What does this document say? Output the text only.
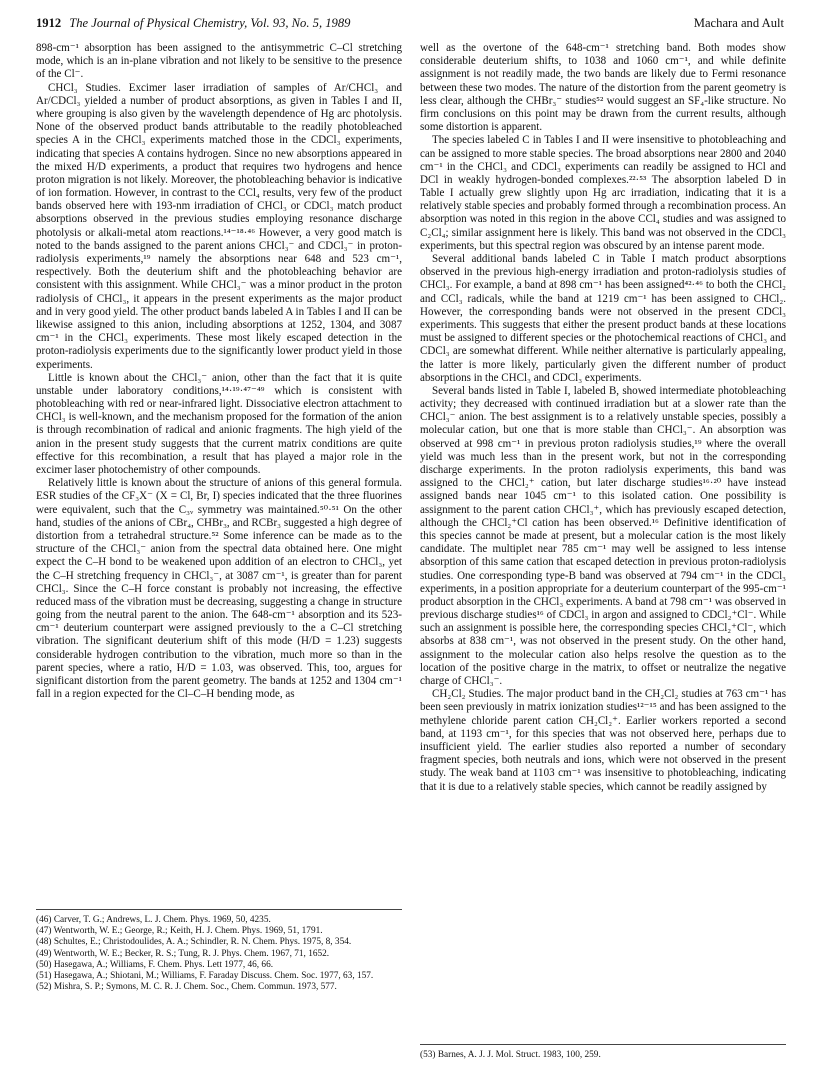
1912 The Journal of Physical Chemistry, Vol. 93, No. 5, 1989	Machara and Ault

898-cm⁻¹ absorption has been assigned to the antisymmetric C–Cl stretching mode, which is an in-plane vibration and not likely to be sensitive to the presence of the Cl⁻.

CHCl₃ Studies. Excimer laser irradiation of samples of Ar/CHCl₃ and Ar/CDCl₃ yielded a number of product absorptions, as given in Tables I and II, where grouping is also given by the wavelength dependence of Hg arc photolysis. None of the observed product bands attributable to the readily photobleached species A in the CHCl₃ experiments matched those in the CDCl₃ experiments, indicating that species A contains hydrogen. Since no new absorptions appeared in the mixed H/D experiments, a product that requires two hydrogens and hence proton migration is not likely. Moreover, the photobleaching behavior is indicative of ion formation. However, in contrast to the CCl₄ results, very few of the product bands observed here with 193-nm irradiation of CHCl₃ or CDCl₃ match product absorptions observed in the previous studies employing resonance discharge photolysis or alkali-metal atom reactions.¹⁴⁻¹⁸·⁴⁶ However, a very good match is noted to the bands assigned to the parent anions CHCl₃⁻ and CDCl₃⁻ in proton-radiolysis experiments,¹⁹ namely the absorptions near 648 and 523 cm⁻¹, respectively. Both the deuterium shift and the photobleaching behavior are consistent with this assignment. While CHCl₃⁻ was a minor product in the proton radiolysis of CHCl₃, it appears in the present experiments as the major product and in very good yield. The other product bands labeled A in Tables I and II can be likewise assigned to this anion, including absorptions at 1252, 1304, and 3087 cm⁻¹ in the CHCl₃ experiments. These most likely escaped detection in the proton-radiolysis experiments due to the significantly lower product yield in those experiments.

Little is known about the CHCl₃⁻ anion, other than the fact that it is quite unstable under laboratory conditions,¹⁴·¹⁹·⁴⁷⁻⁴⁹ which is consistent with photobleaching with red or near-infrared light. Dissociative electron attachment to CHCl₃ is well-known, and the mechanism proposed for the formation of the anion is through recombination of radical and anionic fragments. The high yield of the anion in the present study suggests that the current matrix conditions are quite effective for this recombination, a result that has played a major role in the excimer laser photochemistry of other compounds.

Relatively little is known about the structure of anions of this general formula. ESR studies of the CF₃X⁻ (X = Cl, Br, I) species indicated that the three fluorines were equivalent, such that the C₃ᵥ symmetry was maintained.⁵⁰·⁵¹ On the other hand, studies of the anions of CBr₄, CHBr₃, and RCBr₃ suggested a high degree of distortion from a tetrahedral structure.⁵² Some inference can be made as to the structure of the CHCl₃⁻ anion from the spectral data obtained here. One might expect the C–H bond to be weakened upon addition of an electron to CHCl₃, yet the C–H stretching frequency in CHCl₃⁻, at 3087 cm⁻¹, is greater than for parent CHCl₃. Since the C–H force constant is probably not increasing, the effective reduced mass of the vibration must be decreasing, suggesting a change in structure going from the neutral parent to the anion. The 648-cm⁻¹ absorption and its 523-cm⁻¹ deuterium counterpart were assigned previously to the a C–Cl stretching vibration. The significant deuterium shift of this mode (H/D = 1.23) suggests considerable hydrogen contribution to the vibration, much more so than in the parent species, where a ratio, H/D = 1.03, was observed. This, too, argues for significant distortion from the parent geometry. The bands at 1252 and 1304 cm⁻¹ fall in a region expected for the Cl–C–H bending mode, as

(46) Carver, T. G.; Andrews, L. J. Chem. Phys. 1969, 50, 4235.

(47) Wentworth, W. E.; George, R.; Keith, H. J. Chem. Phys. 1969, 51, 1791.

(48) Schultes, E.; Christodoulides, A. A.; Schindler, R. N. Chem. Phys. 1975, 8, 354.

(49) Wentworth, W. E.; Becker, R. S.; Tung, R. J. Phys. Chem. 1967, 71, 1652.

(50) Hasegawa, A.; Williams, F. Chem. Phys. Lett 1977, 46, 66.

(51) Hasegawa, A.; Shiotani, M.; Williams, F. Faraday Discuss. Chem. Soc. 1977, 63, 157.

(52) Mishra, S. P.; Symons, M. C. R. J. Chem. Soc., Chem. Commun. 1973, 577.

well as the overtone of the 648-cm⁻¹ stretching band. Both modes show considerable deuterium shifts, to 1038 and 1060 cm⁻¹, and while definite assignment is not readily made, the two bands are likely due to Fermi resonance between these two modes. The nature of the distortion from the parent geometry is less clear, although the CHBr₃⁻ studies⁵² would suggest an SF₄-like structure. No firm conclusions on this point may be drawn from the current results, although some distortion is apparent.

The species labeled C in Tables I and II were insensitive to photobleaching and can be assigned to more stable species. The broad absorptions near 2800 and 2040 cm⁻¹ in the CHCl₃ and CDCl₃ experiments can readily be assigned to HCl and DCl in weakly hydrogen-bonded complexes.²²·⁵³ The absorption labeled D in Table I actually grew slightly upon Hg arc irradiation, indicating that it is a relatively stable species and probably formed through a recombination process. An absorption was noted in this region in the above CCl₄ studies and was assigned to C₂Cl₄; similar assignment here is likely. This band was not observed in the CDCl₃ experiments, but this spectral region was obscured by an intense parent mode.

Several additional bands labeled C in Table I match product absorptions observed in the previous high-energy irradiation and proton-radiolysis studies of CHCl₃. For example, a band at 898 cm⁻¹ has been assigned⁴²·⁴⁶ to both the CHCl₂ and CCl₃ radicals, while the band at 1219 cm⁻¹ has been assigned to CHCl₂. However, the corresponding bands were not observed in the present CDCl₃ experiments. This suggests that either the present product bands at these locations must be assigned to different species or the photochemical reactions of CHCl₃ and CDCl₃ are somewhat different. While neither alternative is particularly appealing, the latter is more likely, particularly given the different number of product absorptions in the CHCl₃ and CDCl₃ experiments.

Several bands listed in Table I, labeled B, showed intermediate photobleaching activity; they decreased with continued irradiation but at a slower rate than the CHCl₃⁻ anion. The best assignment is to a relatively unstable species, possibly a molecular cation, but one that is more stable than CHCl₃⁻. An absorption was observed at 998 cm⁻¹ in previous proton radiolysis studies,¹⁹ where the overall yield was much less than in the present work, but not in the corresponding discharge experiments. In the proton radiolysis experiments, this band was assigned to the CHCl₂⁺ cation, but later discharge studies¹⁶·²⁰ have instead assigned bands near 1045 cm⁻¹ to this isolated cation. One possibility is assignment to the parent cation CHCl₃⁺, which has previously escaped detection, although the CHCl₂⁺Cl cation has been observed.¹⁶ Definitive identification of this species cannot be made at present, but a molecular cation is the most likely candidate. The multiplet near 785 cm⁻¹ may well be assigned to less intense absorption of this same cation that escaped detection in previous proton-radiolysis studies. One corresponding type-B band was observed at 794 cm⁻¹ in the CDCl₃ experiments, in a position appropriate for a deuterium counterpart of the 995-cm⁻¹ product absorption in the CHCl₃ experiments. A band at 798 cm⁻¹ was observed in previous discharge studies¹⁶ of CDCl₃ in argon and assigned to CDCl₂⁺Cl⁻. While such an assignment is possible here, the corresponding species CHCl₂⁺Cl⁻, which absorbs at 838 cm⁻¹, was not observed in the present study. On the other hand, assignment to the molecular cation also helps resolve the question as to the location of the positive charge in the matrix, to offset or neutralize the negative charge of CHCl₃⁻.

CH₂Cl₂ Studies. The major product band in the CH₂Cl₂ studies at 763 cm⁻¹ has been seen previously in matrix ionization studies¹²⁻¹⁵ and has been assigned to the methylene chloride parent cation CH₂Cl₂⁺. Earlier workers reported a second band, at 1193 cm⁻¹, for this species that was not observed here, perhaps due to insufficient yield. The earlier studies also reported a number of secondary fragment species, both neutrals and ions, which were not observed in the present study. The weak band at 1103 cm⁻¹ was insensitive to photobleaching, indicating that it is due to a relatively stable species, which cannot be readily assigned by

(53) Barnes, A. J. J. Mol. Struct. 1983, 100, 259.
